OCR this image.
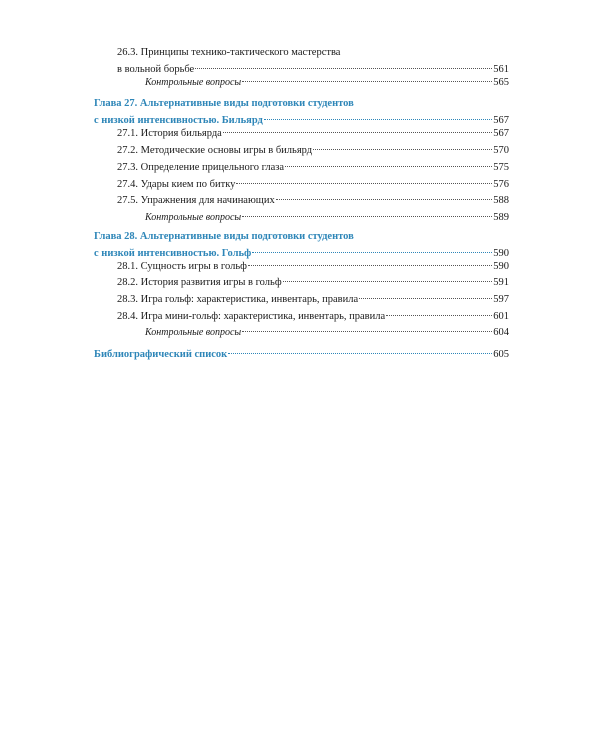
26.3. Принципы технико-тактического мастерства
в вольной борьбе	561
Контрольные вопросы	565
Глава 27. Альтернативные виды подготовки студентов
с низкой интенсивностью. Бильярд	567
27.1. История бильярда	567
27.2. Методические основы игры в бильярд	570
27.3. Определение прицельного глаза	575
27.4. Удары кием по битку	576
27.5. Упражнения для начинающих	588
Контрольные вопросы	589
Глава 28. Альтернативные виды подготовки студентов
с низкой интенсивностью. Гольф	590
28.1. Сущность игры в гольф	590
28.2. История развития игры в гольф	591
28.3. Игра гольф: характеристика, инвентарь, правила	597
28.4. Игра мини-гольф: характеристика, инвентарь, правила	601
Контрольные вопросы	604
Библиографический список	605
